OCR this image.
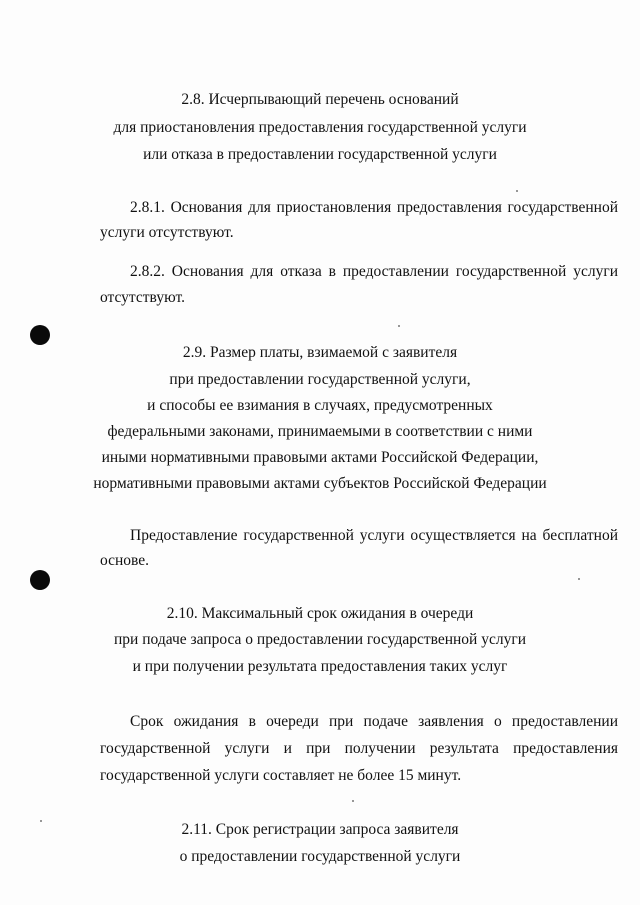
2.8. Исчерпывающий перечень оснований
для приостановления предоставления государственной услуги
или отказа в предоставлении государственной услуги
2.8.1. Основания для приостановления предоставления государственной
услуги отсутствуют.
2.8.2. Основания для отказа в предоставлении государственной услуги
отсутствуют.
2.9. Размер платы, взимаемой с заявителя
при предоставлении государственной услуги,
и способы ее взимания в случаях, предусмотренных
федеральными законами, принимаемыми в соответствии с ними
иными нормативными правовыми актами Российской Федерации,
нормативными правовыми актами субъектов Российской Федерации
Предоставление государственной услуги осуществляется на бесплатной
основе.
2.10. Максимальный срок ожидания в очереди
при подаче запроса о предоставлении государственной услуги
и при получении результата предоставления таких услуг
Срок ожидания в очереди при подаче заявления о предоставлении
государственной услуги и при получении результата предоставления
государственной услуги составляет не более 15 минут.
2.11. Срок регистрации запроса заявителя
о предоставлении государственной услуги
